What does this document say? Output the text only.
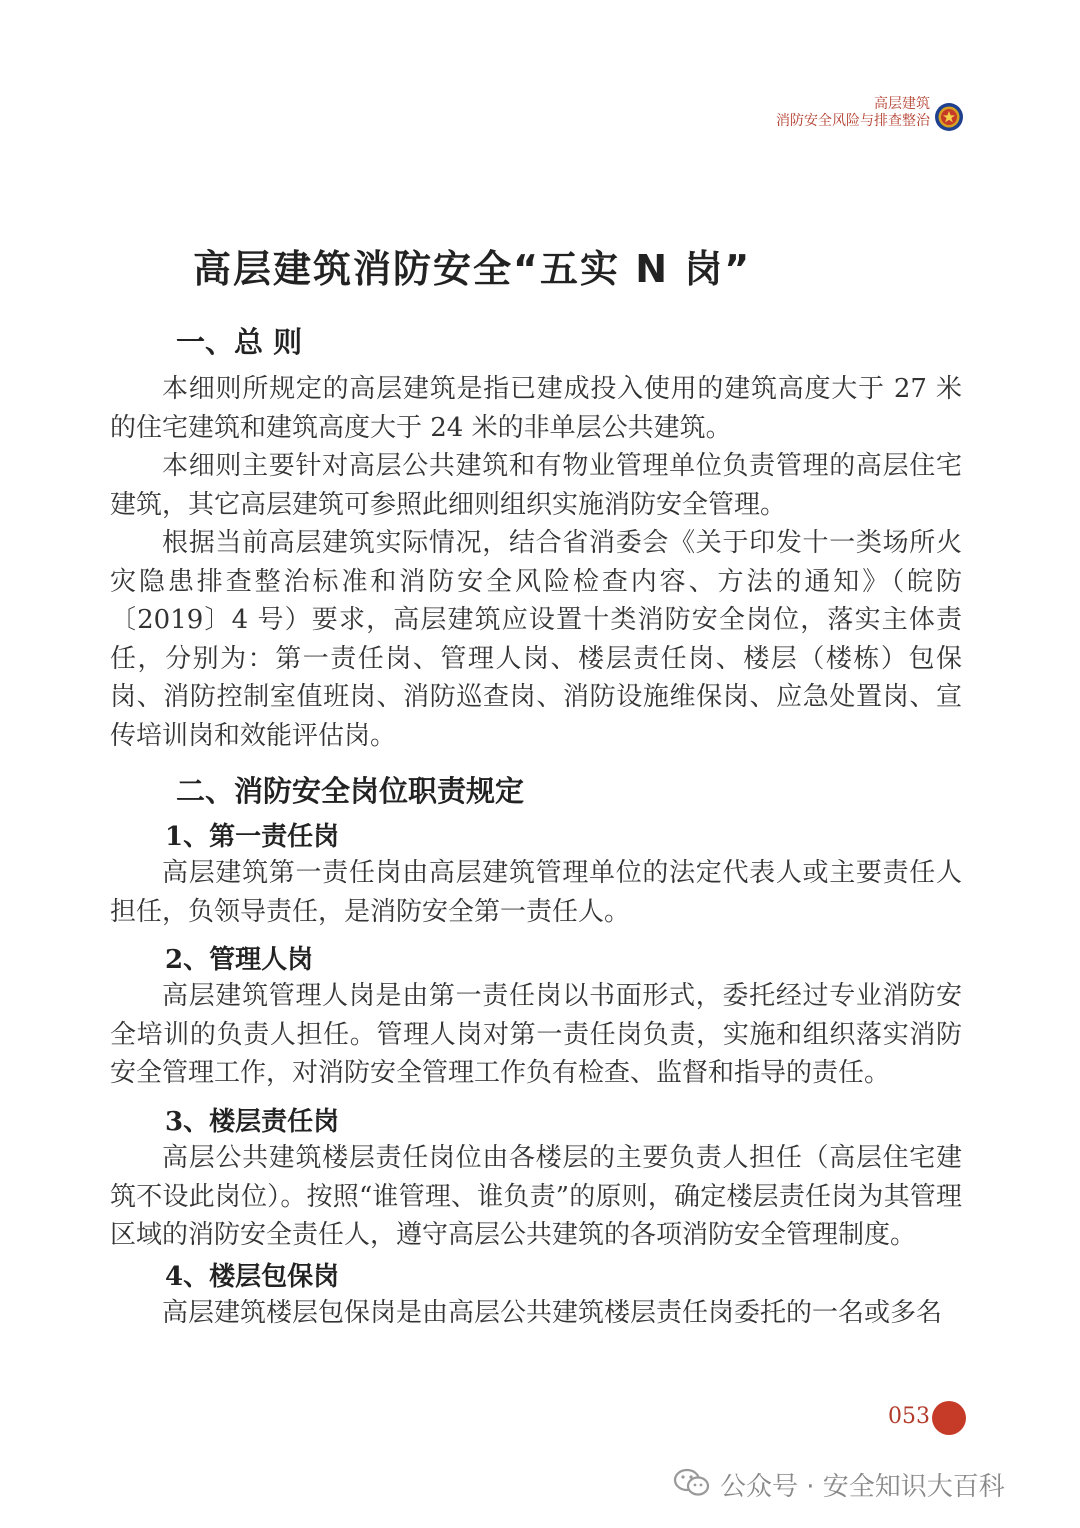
高层建筑
消防安全风险与排查整治
高层建筑消防安全“五实 N 岗”
一、总 则

本细则所规定的高层建筑是指已建成投入使用的建筑高度大于 27 米的住宅建筑和建筑高度大于 24 米的非单层公共建筑。

本细则主要针对高层公共建筑和有物业管理单位负责管理的高层住宅建筑，其它高层建筑可参照此细则组织实施消防安全管理。

根据当前高层建筑实际情况，结合省消委会《关于印发十一类场所火灾隐患排查整治标准和消防安全风险检查内容、方法的通知》（皖防〔2019〕4 号）要求，高层建筑应设置十类消防安全岗位，落实主体责任，分别为：第一责任岗、管理人岗、楼层责任岗、楼层（楼栋）包保岗、消防控制室值班岗、消防巡查岗、消防设施维保岗、应急处置岗、宣传培训岗和效能评估岗。

二、消防安全岗位职责规定
1、第一责任岗

高层建筑第一责任岗由高层建筑管理单位的法定代表人或主要责任人担任，负领导责任，是消防安全第一责任人。

2、管理人岗

高层建筑管理人岗是由第一责任岗以书面形式，委托经过专业消防安全培训的负责人担任。管理人岗对第一责任岗负责，实施和组织落实消防安全管理工作，对消防安全管理工作负有检查、监督和指导的责任。

3、楼层责任岗

高层公共建筑楼层责任岗位由各楼层的主要负责人担任（高层住宅建筑不设此岗位）。按照“谁管理、谁负责”的原则，确定楼层责任岗为其管理区域的消防安全责任人，遵守高层公共建筑的各项消防安全管理制度。

4、楼层包保岗

高层建筑楼层包保岗是由高层公共建筑楼层责任岗委托的一名或多名

053
公众号 · 安全知识大百科
